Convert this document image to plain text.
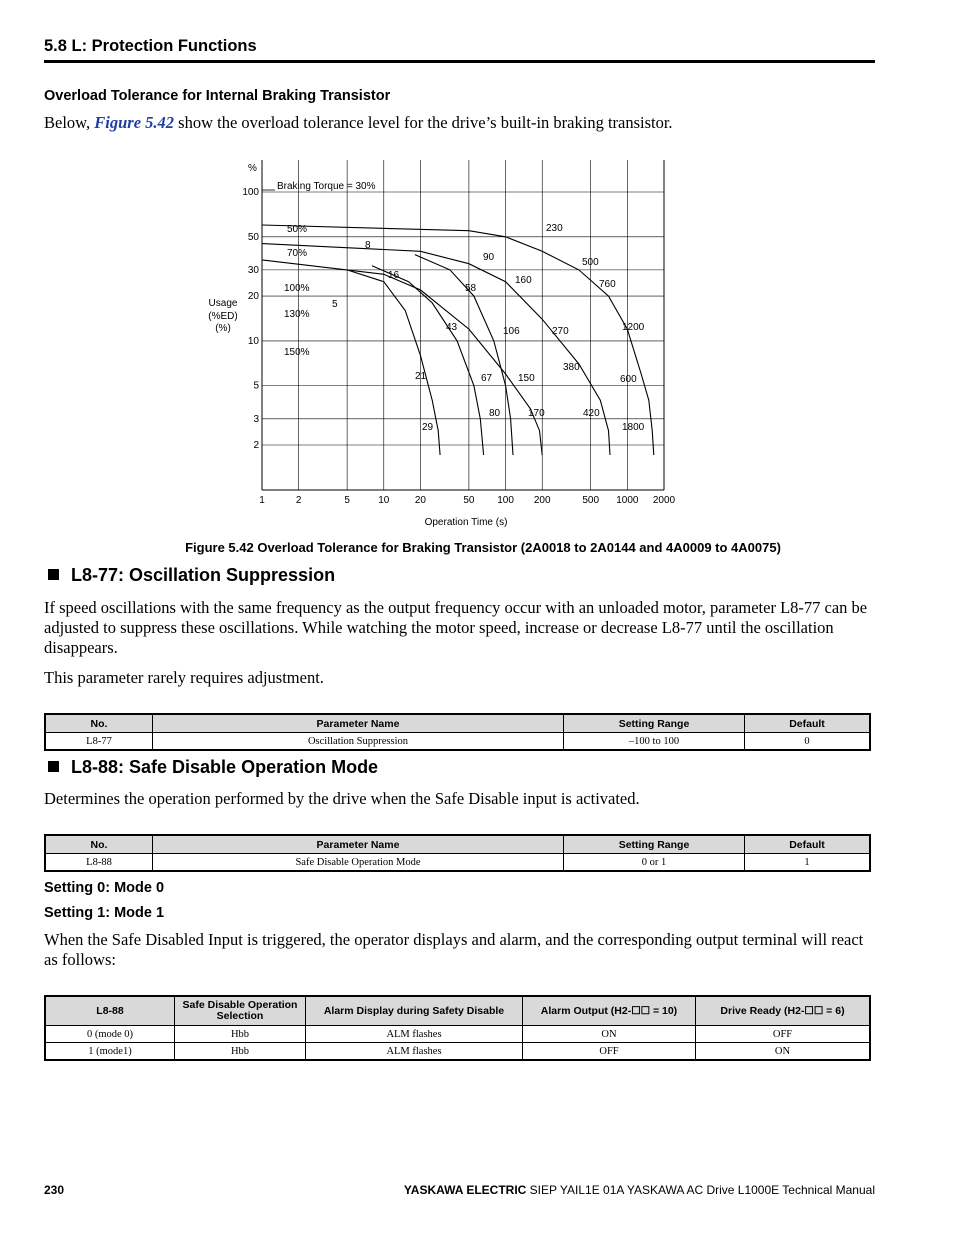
5.8 L: Protection Functions
Overload Tolerance for Internal Braking Transistor
Below, Figure 5.42 show the overload tolerance level for the drive’s built-in braking transistor.
%
Braking Torque = 30%
Usage
(%ED)
(%)
Operation Time (s)
100
50
30
20
10
5
3
2
1	2	5	10	20	50 100 200	500 1000 2000
50%
70%
100%
130%
150%
8
16
5
21
29
43
58
67
80
90
106
150
160
170
230
270
380
420
500
760
1200
600
1800
Figure 5.42 Overload Tolerance for Braking Transistor (2A0018 to 2A0144 and 4A0009 to 4A0075)
L8-77: Oscillation Suppression
If speed oscillations with the same frequency as the output frequency occur with an unloaded motor, parameter L8-77 can be adjusted to suppress these oscillations. While watching the motor speed, increase or decrease L8-77 until the oscillation disappears.
This parameter rarely requires adjustment.
No.	Parameter Name	Setting Range	Default
L8-77	Oscillation Suppression	–100 to 100	0
L8-88: Safe Disable Operation Mode
Determines the operation performed by the drive when the Safe Disable input is activated.
No.	Parameter Name	Setting Range	Default
L8-88	Safe Disable Operation Mode	0 or 1	1
Setting 0: Mode 0
Setting 1: Mode 1
When the Safe Disabled Input is triggered, the operator displays and alarm, and the corresponding output terminal will react as follows:
L8-88	Safe Disable Operation Selection	Alarm Display during Safety Disable	Alarm Output (H2-☐☐ = 10)	Drive Ready (H2-☐☐ = 6)
0 (mode 0)	Hbb	ALM flashes	ON	OFF
1 (mode1)	Hbb	ALM flashes	OFF	ON
230	YASKAWA ELECTRIC SIEP YAIL1E 01A YASKAWA AC Drive L1000E Technical Manual
